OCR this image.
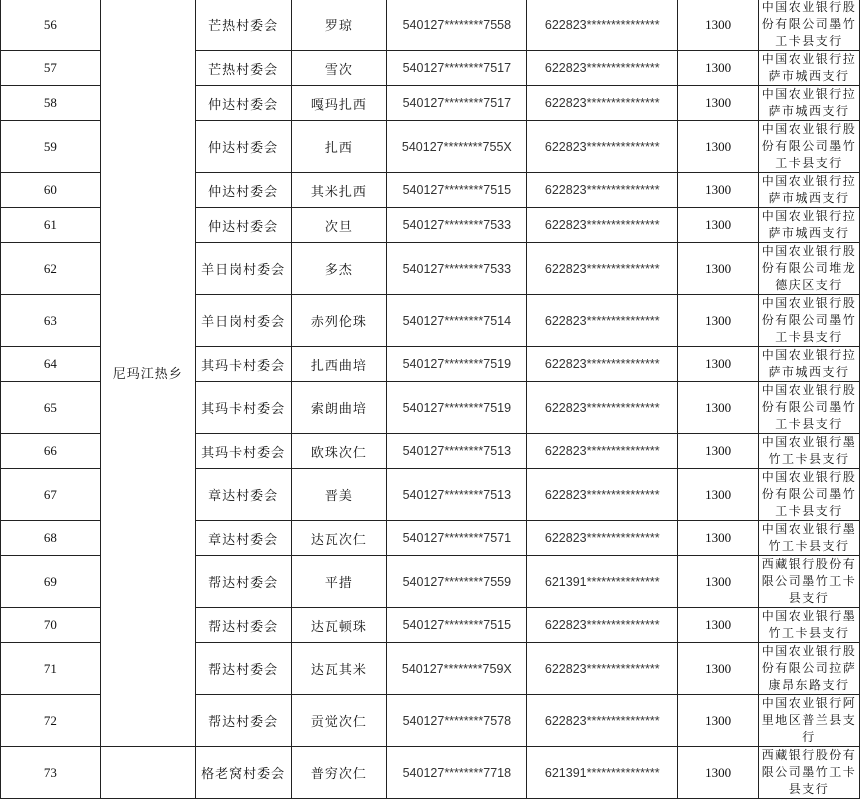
56	尼玛江热乡	芒热村委会	罗琼	540127********7558	622823***************	1300	中国农业银行股份有限公司墨竹工卡县支行
57		芒热村委会	雪次	540127********7517	622823***************	1300	中国农业银行拉萨市城西支行
58		仲达村委会	嘎玛扎西	540127********7517	622823***************	1300	中国农业银行拉萨市城西支行
59		仲达村委会	扎西	540127********755X	622823***************	1300	中国农业银行股份有限公司墨竹工卡县支行
60		仲达村委会	其米扎西	540127********7515	622823***************	1300	中国农业银行拉萨市城西支行
61		仲达村委会	次旦	540127********7533	622823***************	1300	中国农业银行拉萨市城西支行
62		羊日岗村委会	多杰	540127********7533	622823***************	1300	中国农业银行股份有限公司堆龙德庆区支行
63		羊日岗村委会	赤列伦珠	540127********7514	622823***************	1300	中国农业银行股份有限公司墨竹工卡县支行
64		其玛卡村委会	扎西曲培	540127********7519	622823***************	1300	中国农业银行拉萨市城西支行
65		其玛卡村委会	索朗曲培	540127********7519	622823***************	1300	中国农业银行股份有限公司墨竹工卡县支行
66		其玛卡村委会	欧珠次仁	540127********7513	622823***************	1300	中国农业银行墨竹工卡县支行
67		章达村委会	晋美	540127********7513	622823***************	1300	中国农业银行股份有限公司墨竹工卡县支行
68		章达村委会	达瓦次仁	540127********7571	622823***************	1300	中国农业银行墨竹工卡县支行
69		帮达村委会	平措	540127********7559	621391***************	1300	西藏银行股份有限公司墨竹工卡县支行
70		帮达村委会	达瓦顿珠	540127********7515	622823***************	1300	中国农业银行墨竹工卡县支行
71		帮达村委会	达瓦其米	540127********759X	622823***************	1300	中国农业银行股份有限公司拉萨康昂东路支行
72		帮达村委会	贡觉次仁	540127********7578	622823***************	1300	中国农业银行阿里地区普兰县支行
73		格老窝村委会	普穷次仁	540127********7718	621391***************	1300	西藏银行股份有限公司墨竹工卡县支行
